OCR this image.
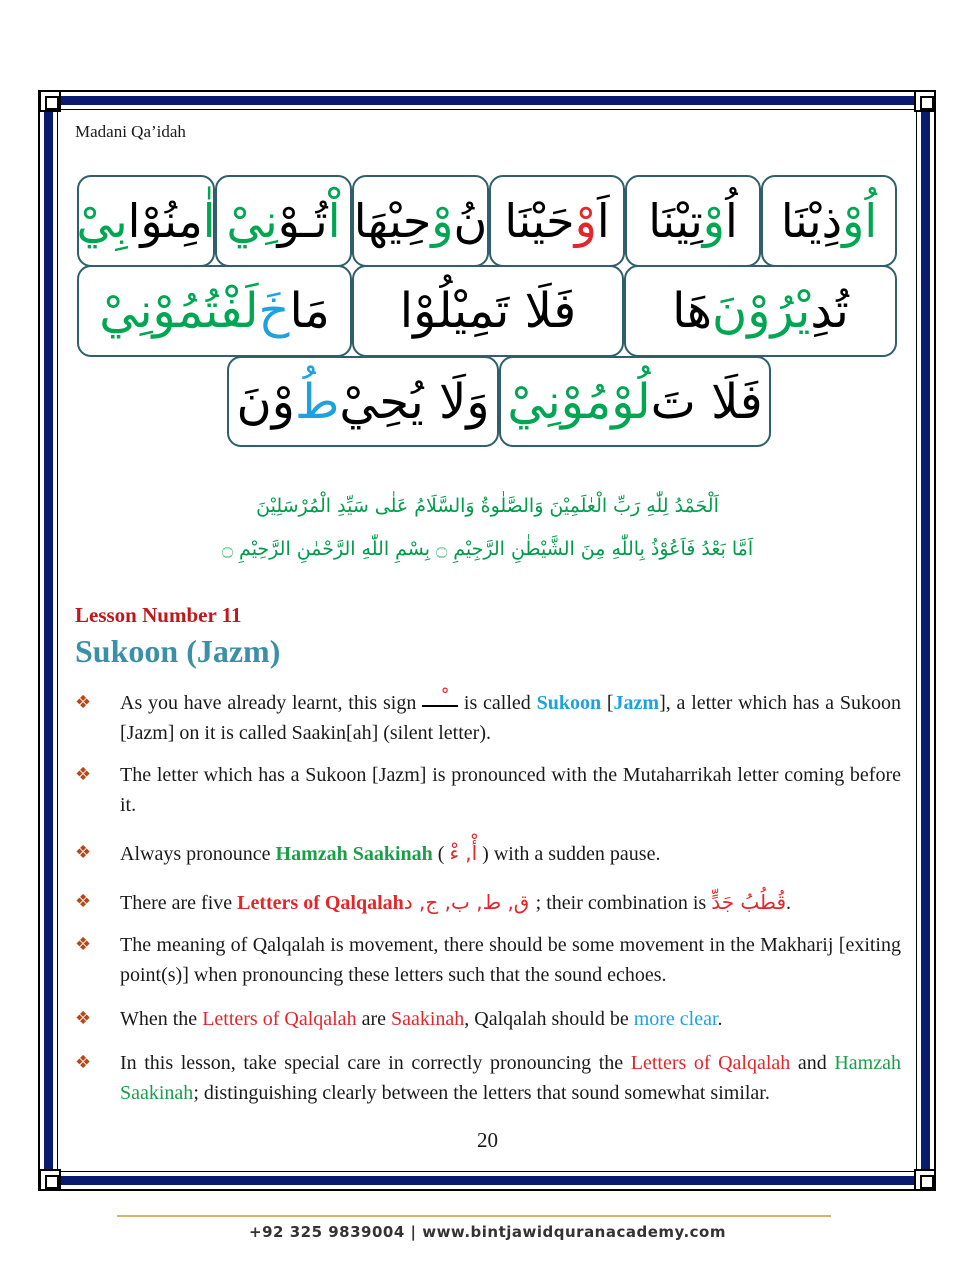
Madani Qa’idah
اُ
وْ
ذِيْنَا
اُ
وْ
تِيْنَا
اَ
وْ
حَيْنَا
نُ
وْ
حِيْهَا
اْ
تُـوْ
نِيْ
اٰ
مِنُوْا
بِيْ
تُدِ
يْرُوْنَ
هَا
فَلَا تَمِيْلُوْا
مَا
خَ
لَفْتُمُوْنِيْ
فَلَا تَ
لُوْ
مُوْنِيْ
وَلَا يُحِيْ
طُ
وْنَ
اَلْحَمْدُ لِلّٰهِ رَبِّ الْعٰلَمِيْنَ وَالصَّلٰوةُ وَالسَّلَامُ عَلٰى سَيِّدِ الْمُرْسَلِيْنَ
اَمَّا بَعْدُ فَاَعُوْذُ بِاللّٰهِ مِنَ الشَّيْطٰنِ الرَّجِيْمِ ۝ بِسْمِ اللّٰهِ الرَّحْمٰنِ الرَّحِيْمِ ۝
Lesson Number 11
Sukoon (Jazm)
❖ As you have already learnt, this sign  is called Sukoon [Jazm], a letter which has a Sukoon [Jazm] on it is called Saakin[ah] (silent letter).
❖ The letter which has a Sukoon [Jazm] is pronounced with the Mutaharrikah letter coming before it.
❖ Always pronounce Hamzah Saakinah ( أْ, ءْ ) with a sudden pause.
❖ There are five Letters of Qalqalah ق, ط, ب, ج, د; their combination is قُطُبُ جَدٍّ.
❖ The meaning of Qalqalah is movement, there should be some movement in the Makharij [exiting point(s)] when pronouncing these letters such that the sound echoes.
❖ When the Letters of Qalqalah are Saakinah, Qalqalah should be more clear.
❖ In this lesson, take special care in correctly pronouncing the Letters of Qalqalah and Hamzah Saakinah; distinguishing clearly between the letters that sound somewhat similar.
20
+92 325 9839004 | www.bintjawidquranacademy.com
